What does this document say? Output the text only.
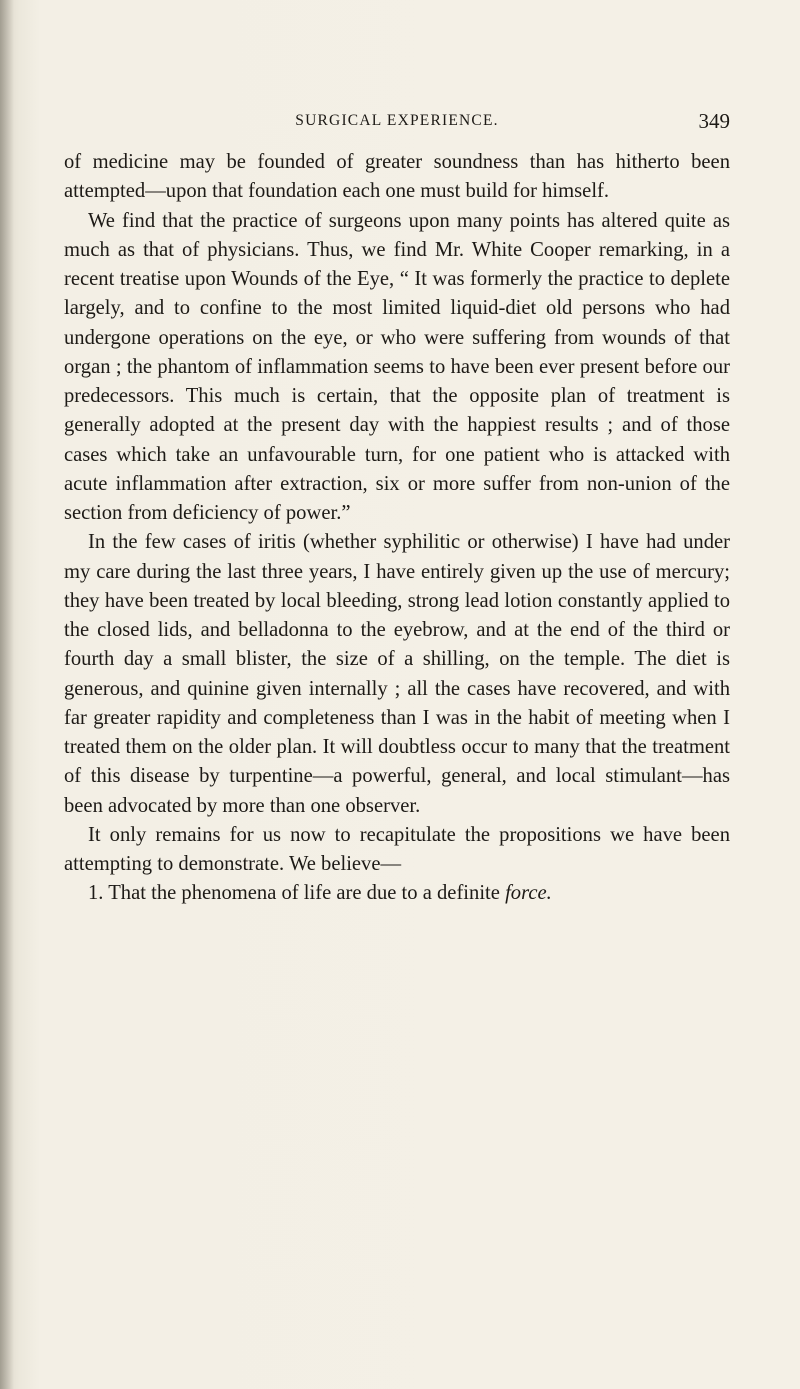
SURGICAL EXPERIENCE.	349

of medicine may be founded of greater soundness than has hitherto been attempted—upon that foundation each one must build for himself.

We find that the practice of surgeons upon many points has altered quite as much as that of physicians. Thus, we find Mr. White Cooper remarking, in a recent treatise upon Wounds of the Eye, “ It was formerly the practice to deplete largely, and to confine to the most limited liquid-diet old persons who had undergone operations on the eye, or who were suffering from wounds of that organ ; the phantom of inflammation seems to have been ever present before our predecessors. This much is certain, that the opposite plan of treatment is generally adopted at the present day with the happiest results ; and of those cases which take an unfavourable turn, for one patient who is attacked with acute inflammation after extraction, six or more suffer from non-union of the section from deficiency of power.”

In the few cases of iritis (whether syphilitic or otherwise) I have had under my care during the last three years, I have entirely given up the use of mercury; they have been treated by local bleeding, strong lead lotion constantly applied to the closed lids, and belladonna to the eyebrow, and at the end of the third or fourth day a small blister, the size of a shilling, on the temple. The diet is generous, and quinine given internally ; all the cases have recovered, and with far greater rapidity and completeness than I was in the habit of meeting when I treated them on the older plan. It will doubtless occur to many that the treatment of this disease by turpentine—a powerful, general, and local stimulant—has been advocated by more than one observer.

It only remains for us now to recapitulate the propositions we have been attempting to demonstrate. We believe—

1. That the phenomena of life are due to a definite force.
